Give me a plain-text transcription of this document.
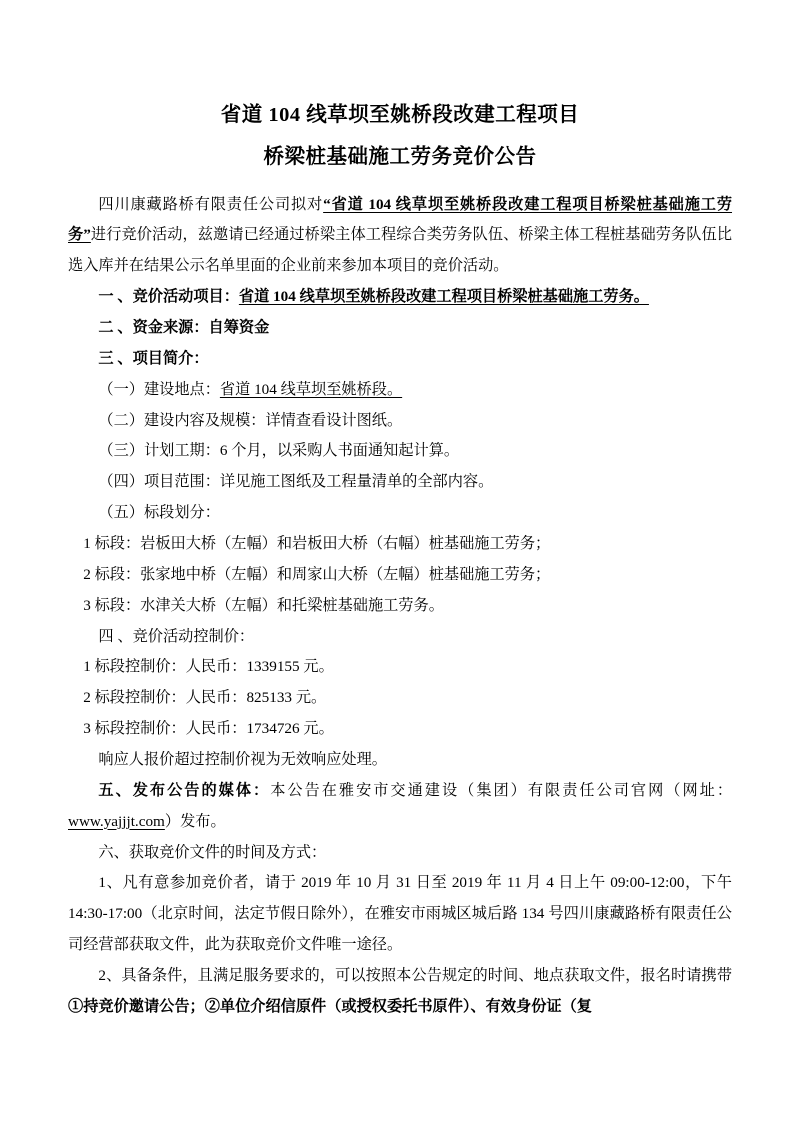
省道 104 线草坝至姚桥段改建工程项目
桥梁桩基础施工劳务竞价公告

四川康藏路桥有限责任公司拟对“省道 104 线草坝至姚桥段改建工程项目桥梁桩基础施工劳务”进行竞价活动，兹邀请已经通过桥梁主体工程综合类劳务队伍、桥梁主体工程桩基础劳务队伍比选入库并在结果公示名单里面的企业前来参加本项目的竞价活动。

一 、竞价活动项目：省道 104 线草坝至姚桥段改建工程项目桥梁桩基础施工劳务。

二 、资金来源：自筹资金

三 、项目简介：

（一）建设地点：省道 104 线草坝至姚桥段。

（二）建设内容及规模：详情查看设计图纸。

（三）计划工期：6 个月，以采购人书面通知起计算。

（四）项目范围：详见施工图纸及工程量清单的全部内容。

（五）标段划分：

1 标段：岩板田大桥（左幅）和岩板田大桥（右幅）桩基础施工劳务；

2 标段：张家地中桥（左幅）和周家山大桥（左幅）桩基础施工劳务；

3 标段：水津关大桥（左幅）和托梁桩基础施工劳务。

四 、竞价活动控制价：

1 标段控制价：人民币：1339155 元。

2 标段控制价：人民币：825133 元。

3 标段控制价：人民币：1734726 元。

响应人报价超过控制价视为无效响应处理。

五、发布公告的媒体：本公告在雅安市交通建设（集团）有限责任公司官网（网址：www.yajjjt.com）发布。

六、获取竞价文件的时间及方式：

1、凡有意参加竞价者，请于 2019 年 10 月 31 日至 2019 年 11 月 4 日上午 09:00-12:00，下午 14:30-17:00（北京时间，法定节假日除外），在雅安市雨城区城后路 134 号四川康藏路桥有限责任公司经营部获取文件，此为获取竞价文件唯一途径。

2、具备条件，且满足服务要求的，可以按照本公告规定的时间、地点获取文件，报名时请携带①持竞价邀请公告；②单位介绍信原件（或授权委托书原件）、有效身份证（复
